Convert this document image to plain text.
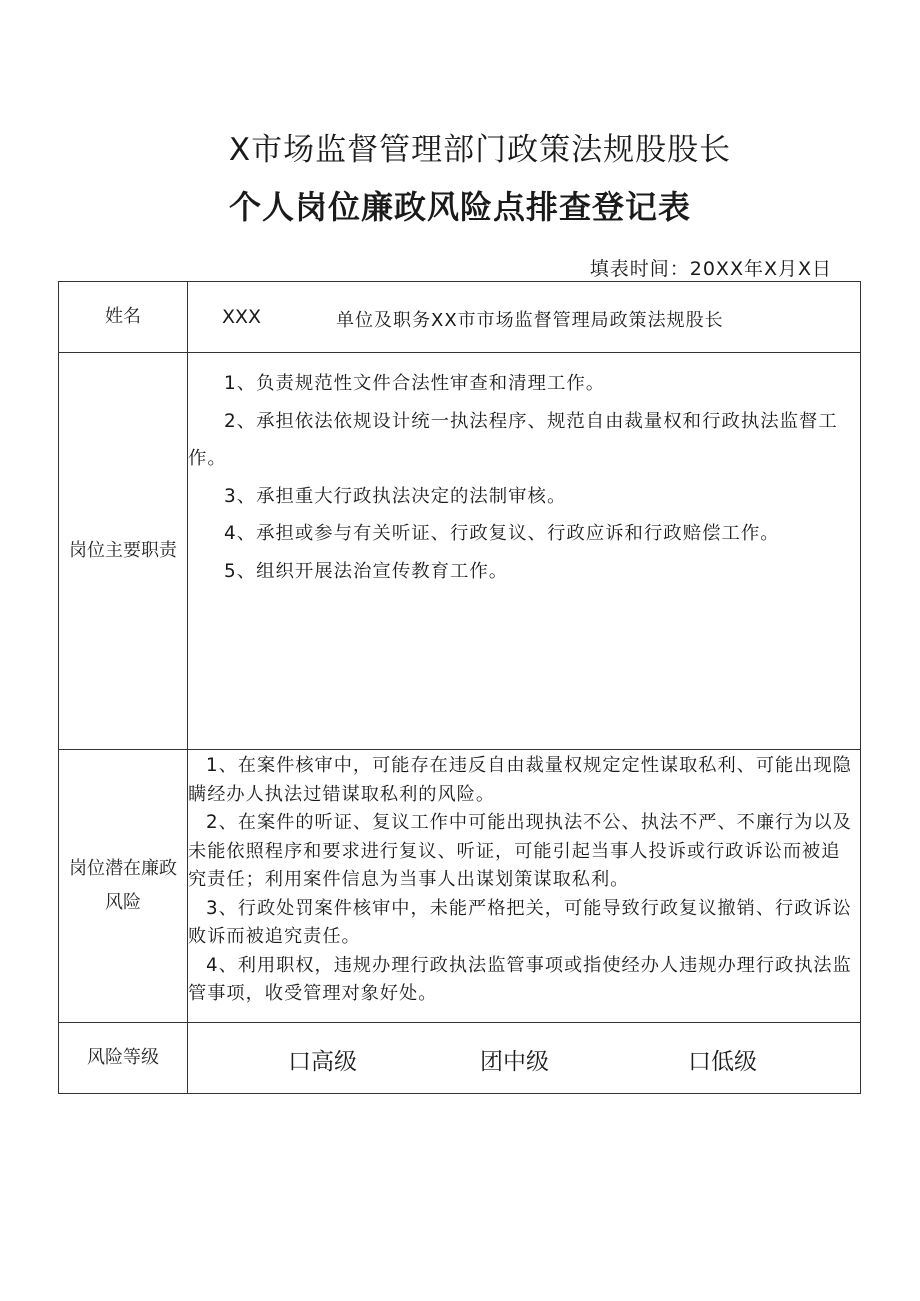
X市场监督管理部门政策法规股股长
个人岗位廉政风险点排查登记表
填表时间：20XX年X月X日
姓名	XXX 单位及职务XX市市场监督管理局政策法规股长

岗位主要职责	1、负责规范性文件合法性审查和清理工作。

2、承担依法依规设计统一执法程序、规范自由裁量权和行政执法监督工作。

3、承担重大行政执法决定的法制审核。

4、承担或参与有关听证、行政复议、行政应诉和行政赔偿工作。

5、组织开展法治宣传教育工作。

岗位潜在廉政风险	1、在案件核审中，可能存在违反自由裁量权规定定性谋取私利、可能出现隐瞒经办人执法过错谋取私利的风险。

2、在案件的听证、复议工作中可能出现执法不公、执法不严、不廉行为以及未能依照程序和要求进行复议、听证，可能引起当事人投诉或行政诉讼而被追究责任；利用案件信息为当事人出谋划策谋取私利。

3、行政处罚案件核审中，未能严格把关，可能导致行政复议撤销、行政诉讼败诉而被追究责任。

4、利用职权，违规办理行政执法监管事项或指使经办人违规办理行政执法监管事项，收受管理对象好处。

风险等级	口高级 团中级 口低级
